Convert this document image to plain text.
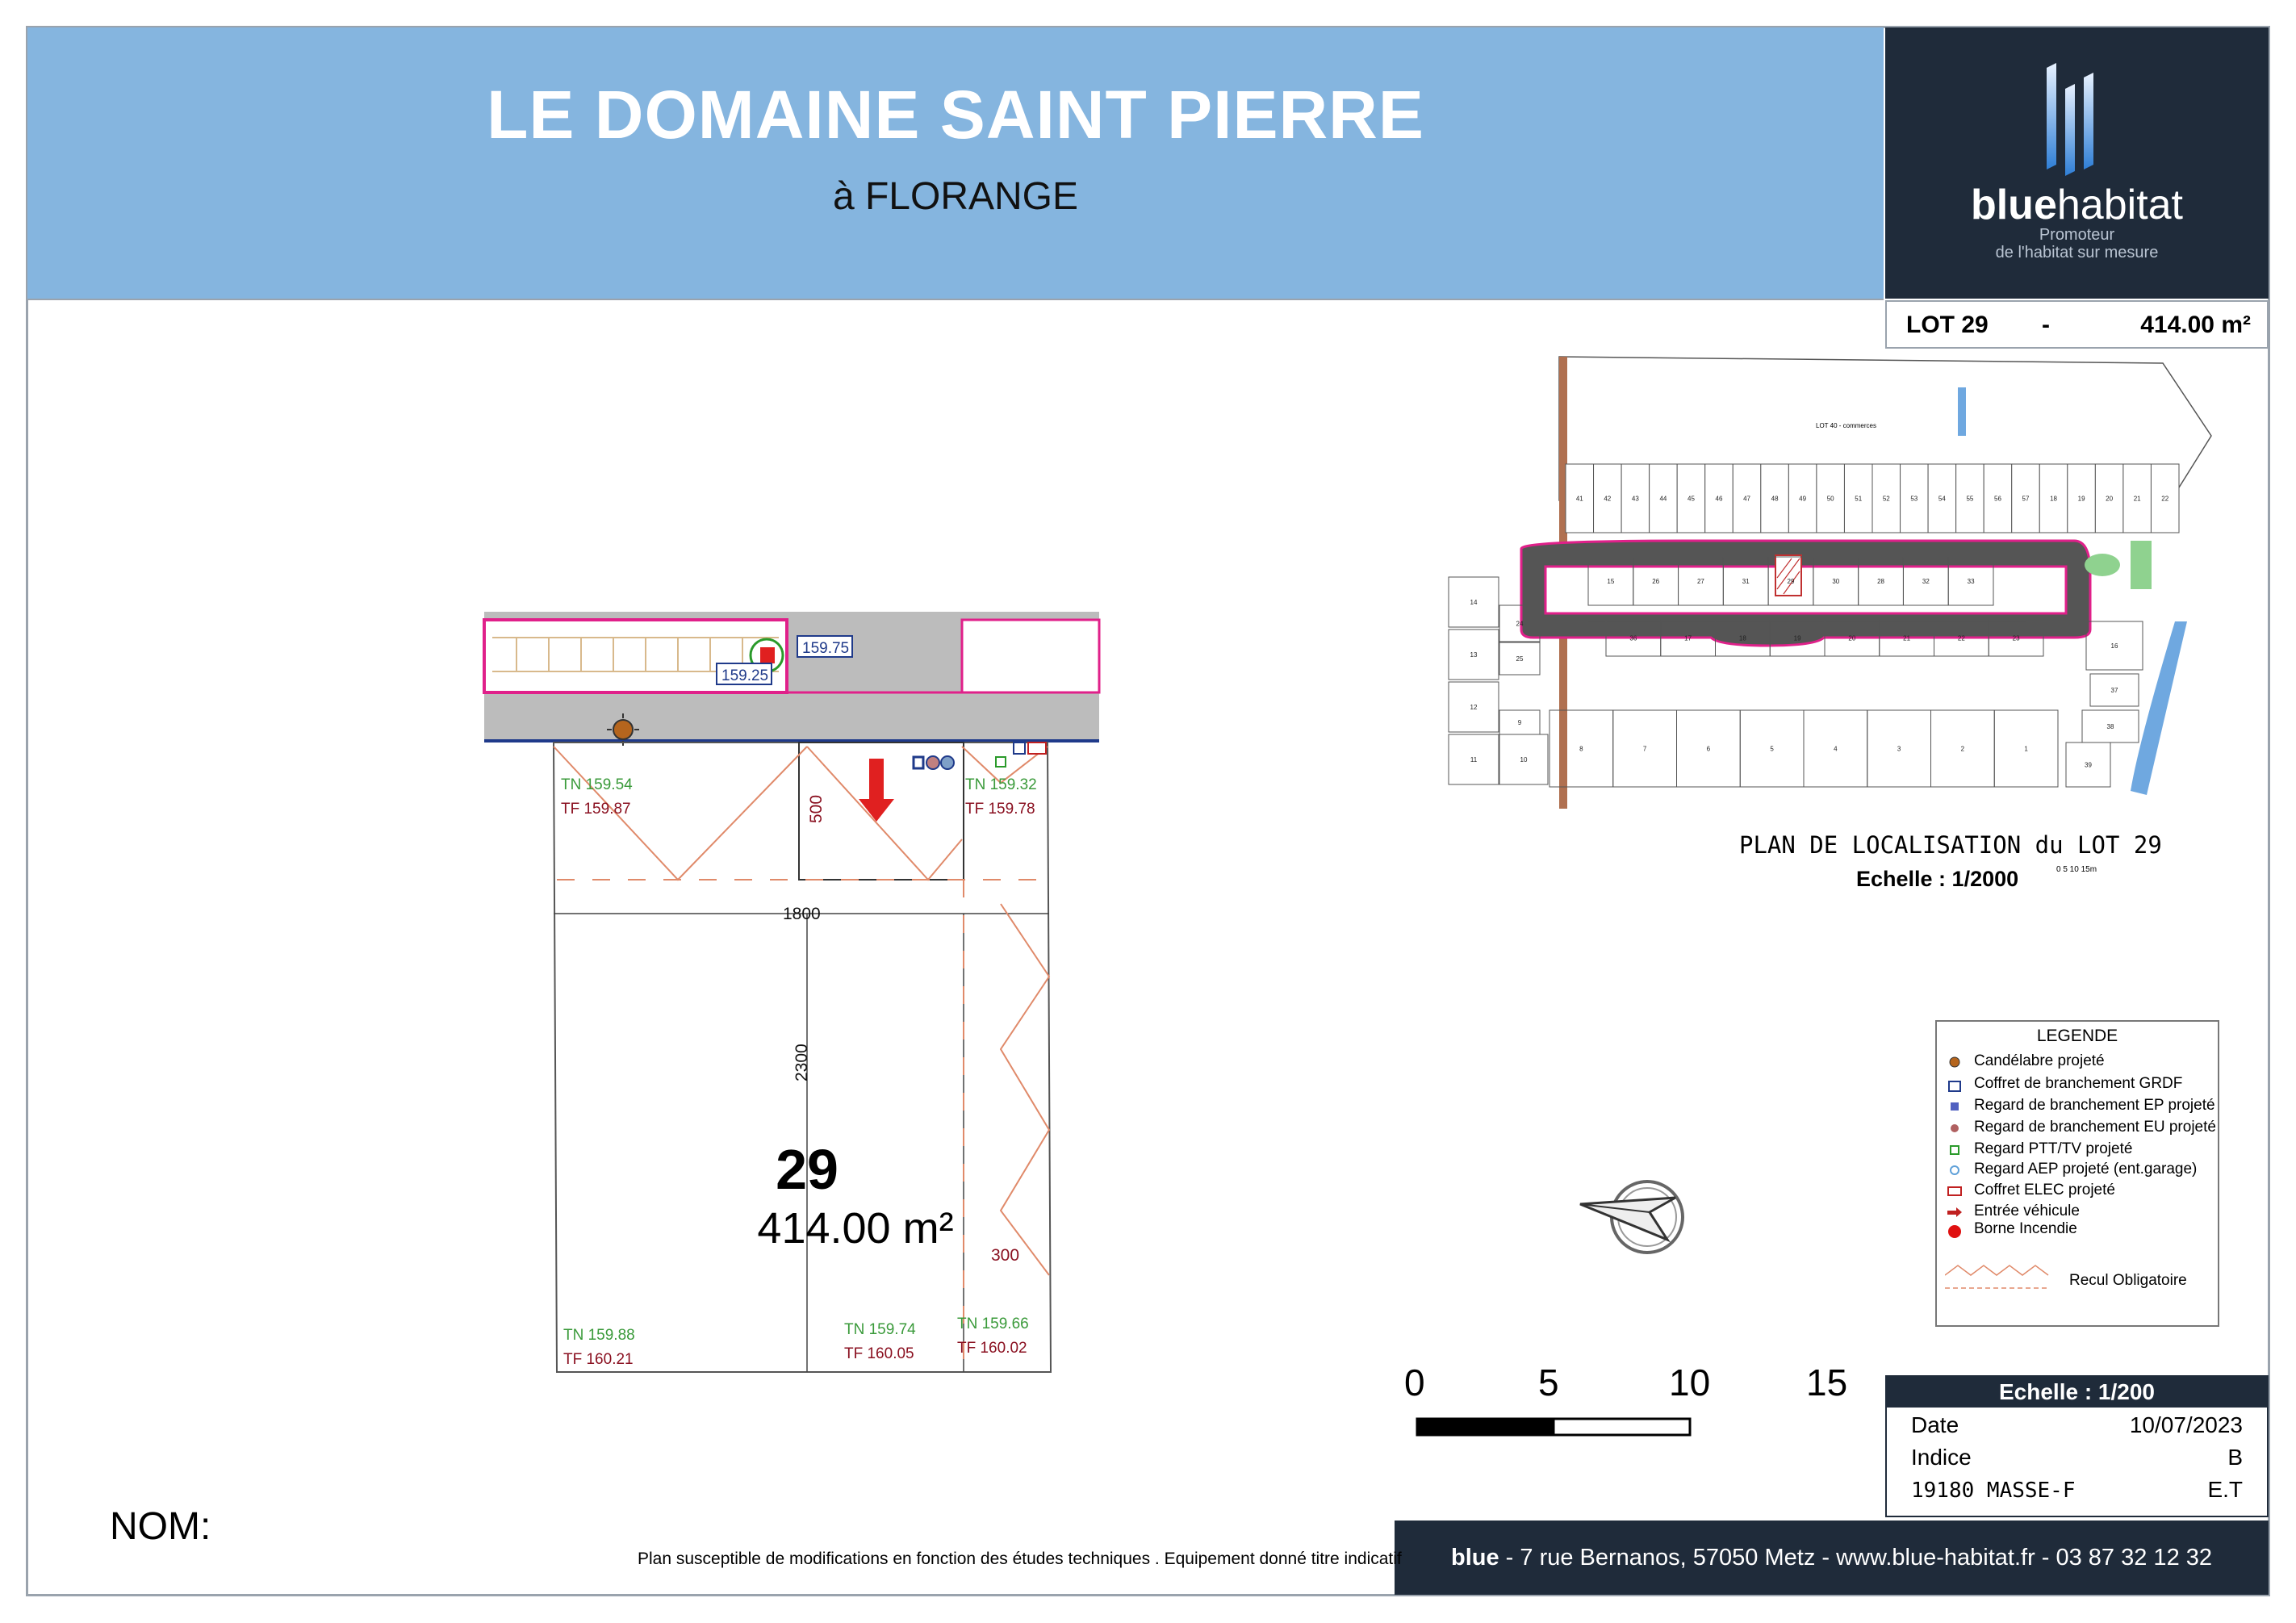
LE DOMAINE SAINT PIERRE
à FLORANGE	bluehabitat
Promoteur
de l'habitat sur mesure
LOT 29 -	414.00 m²
159.75
159.25
1800
500
2300
300
29
414.00 m²
TN 159.54
TF 159.87
TN 159.32
TF 159.78
TN 159.88
TF 160.21
TN 159.74
TF 160.05
TN 159.66
TF 160.02
LOT 40 - commerces
41	42	43	44	45	46	47	48	49	50	51	52	53	54	55	56	57	18	19	20	21	22
15	26	27	31	29	30	28	32	33
36	17	18	19	20	21	22	23
14
13
12
11
24
25
9
10
8	7	6	5	4	3	2	1
39
16
37
38
PLAN DE LOCALISATION du LOT 29
Echelle : 1/2000	0 5 10 15m
LEGENDE
Candélabre projeté
Coffret de branchement GRDF
Regard de branchement EP projeté
Regard de branchement EU projeté
Regard PTT/TV projeté
Regard AEP projeté (ent.garage)
Coffret ELEC projeté
Entrée véhicule
Borne Incendie
Recul Obligatoire
0	5	10	15	Echelle : 1/200
Date	10/07/2023
Indice	B
19180 MASSE-F	E.T
blue - 7 rue Bernanos, 57050 Metz - www.blue-habitat.fr - 03 87 32 12 32
NOM:
Plan susceptible de modifications en fonction des études techniques . Equipement donné titre indicatif
